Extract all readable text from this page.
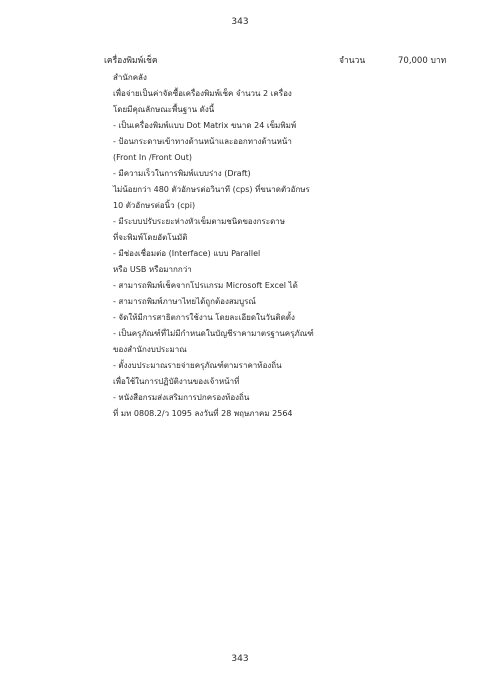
343
เครื่องพิมพ์เช็ค	จำนวน	70,000 บาท
สำนักคลัง
เพื่อจ่ายเป็นค่าจัดซื้อเครื่องพิมพ์เช็ค จำนวน 2 เครื่อง
โดยมีคุณลักษณะพื้นฐาน ดังนี้
- เป็นเครื่องพิมพ์แบบ Dot Matrix ขนาด 24 เข็มพิมพ์
- ป้อนกระดาษเข้าทางด้านหน้าและออกทางด้านหน้า
(Front In /Front Out)
- มีความเร็วในการพิมพ์แบบร่าง (Draft)
ไม่น้อยกว่า 480 ตัวอักษรต่อวินาที (cps) ที่ขนาดตัวอักษร
10 ตัวอักษรต่อนิ้ว (cpi)
- มีระบบปรับระยะห่างหัวเข็มตามชนิดของกระดาษ
ที่จะพิมพ์โดยอัตโนมัติ
- มีช่องเชื่อมต่อ (Interface) แบบ Parallel
หรือ USB หรือมากกว่า
- สามารถพิมพ์เช็คจากโปรแกรม Microsoft Excel ได้
- สามารถพิมพ์ภาษาไทยได้ถูกต้องสมบูรณ์
- จัดให้มีการสาธิตการใช้งาน โดยละเอียดในวันติดตั้ง
- เป็นครุภัณฑ์ที่ไม่มีกำหนดในบัญชีราคามาตรฐานครุภัณฑ์
ของสำนักงบประมาณ
- ตั้งงบประมาณรายจ่ายครุภัณฑ์ตามราคาท้องถิ่น
เพื่อใช้ในการปฏิบัติงานของเจ้าหน้าที่
- หนังสือกรมส่งเสริมการปกครองท้องถิ่น
ที่ มท 0808.2/ว 1095 ลงวันที่ 28 พฤษภาคม 2564
343
